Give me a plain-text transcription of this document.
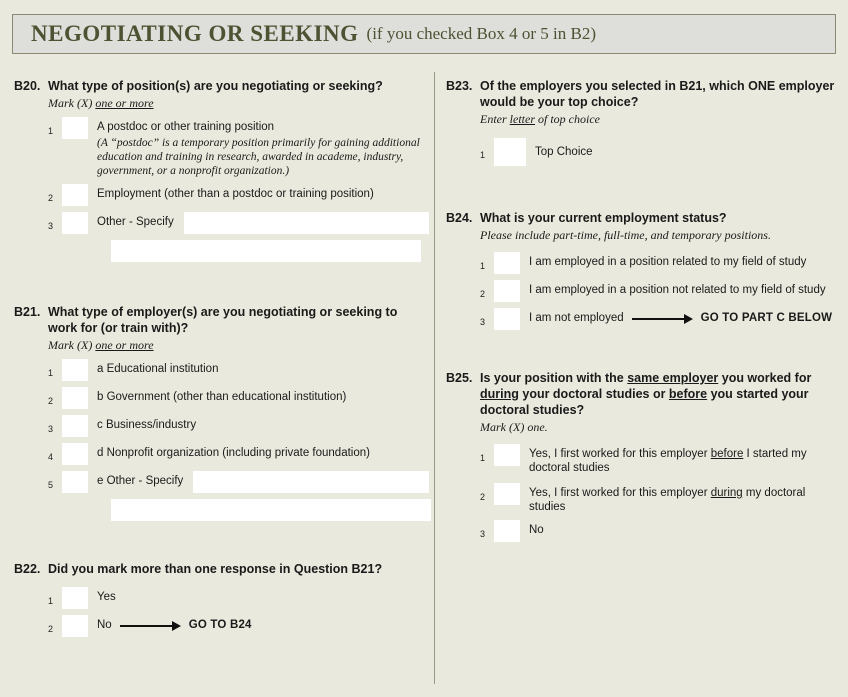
NEGOTIATING OR SEEKING (if you checked Box 4 or 5 in B2)
B20. What type of position(s) are you negotiating or seeking?
Mark (X) one or more
1	A postdoc or other training position
(A “postdoc” is a temporary position primarily for gaining additional education and training in research, awarded in academe, industry, government, or a nonprofit organization.)
2	Employment (other than a postdoc or training position)
3	Other - Specify
B21. What type of employer(s) are you negotiating or seeking to work for (or train with)?
Mark (X) one or more
1	a Educational institution
2	b Government (other than educational institution)
3	c Business/industry
4	d Nonprofit organization (including private foundation)
5	e Other - Specify
B22. Did you mark more than one response in Question B21?
1	Yes
2	No	GO TO B24
B23. Of the employers you selected in B21, which ONE employer would be your top choice?
Enter letter of top choice
1	Top Choice
B24. What is your current employment status?
Please include part-time, full-time, and temporary positions.
1	I am employed in a position related to my field of study
2	I am employed in a position not related to my field of study
3	I am not employed	GO TO PART C BELOW
B25. Is your position with the same employer you worked for during your doctoral studies or before you started your doctoral studies?
Mark (X) one.
1	Yes, I first worked for this employer before I started my doctoral studies
2	Yes, I first worked for this employer during my doctoral studies
3	No
